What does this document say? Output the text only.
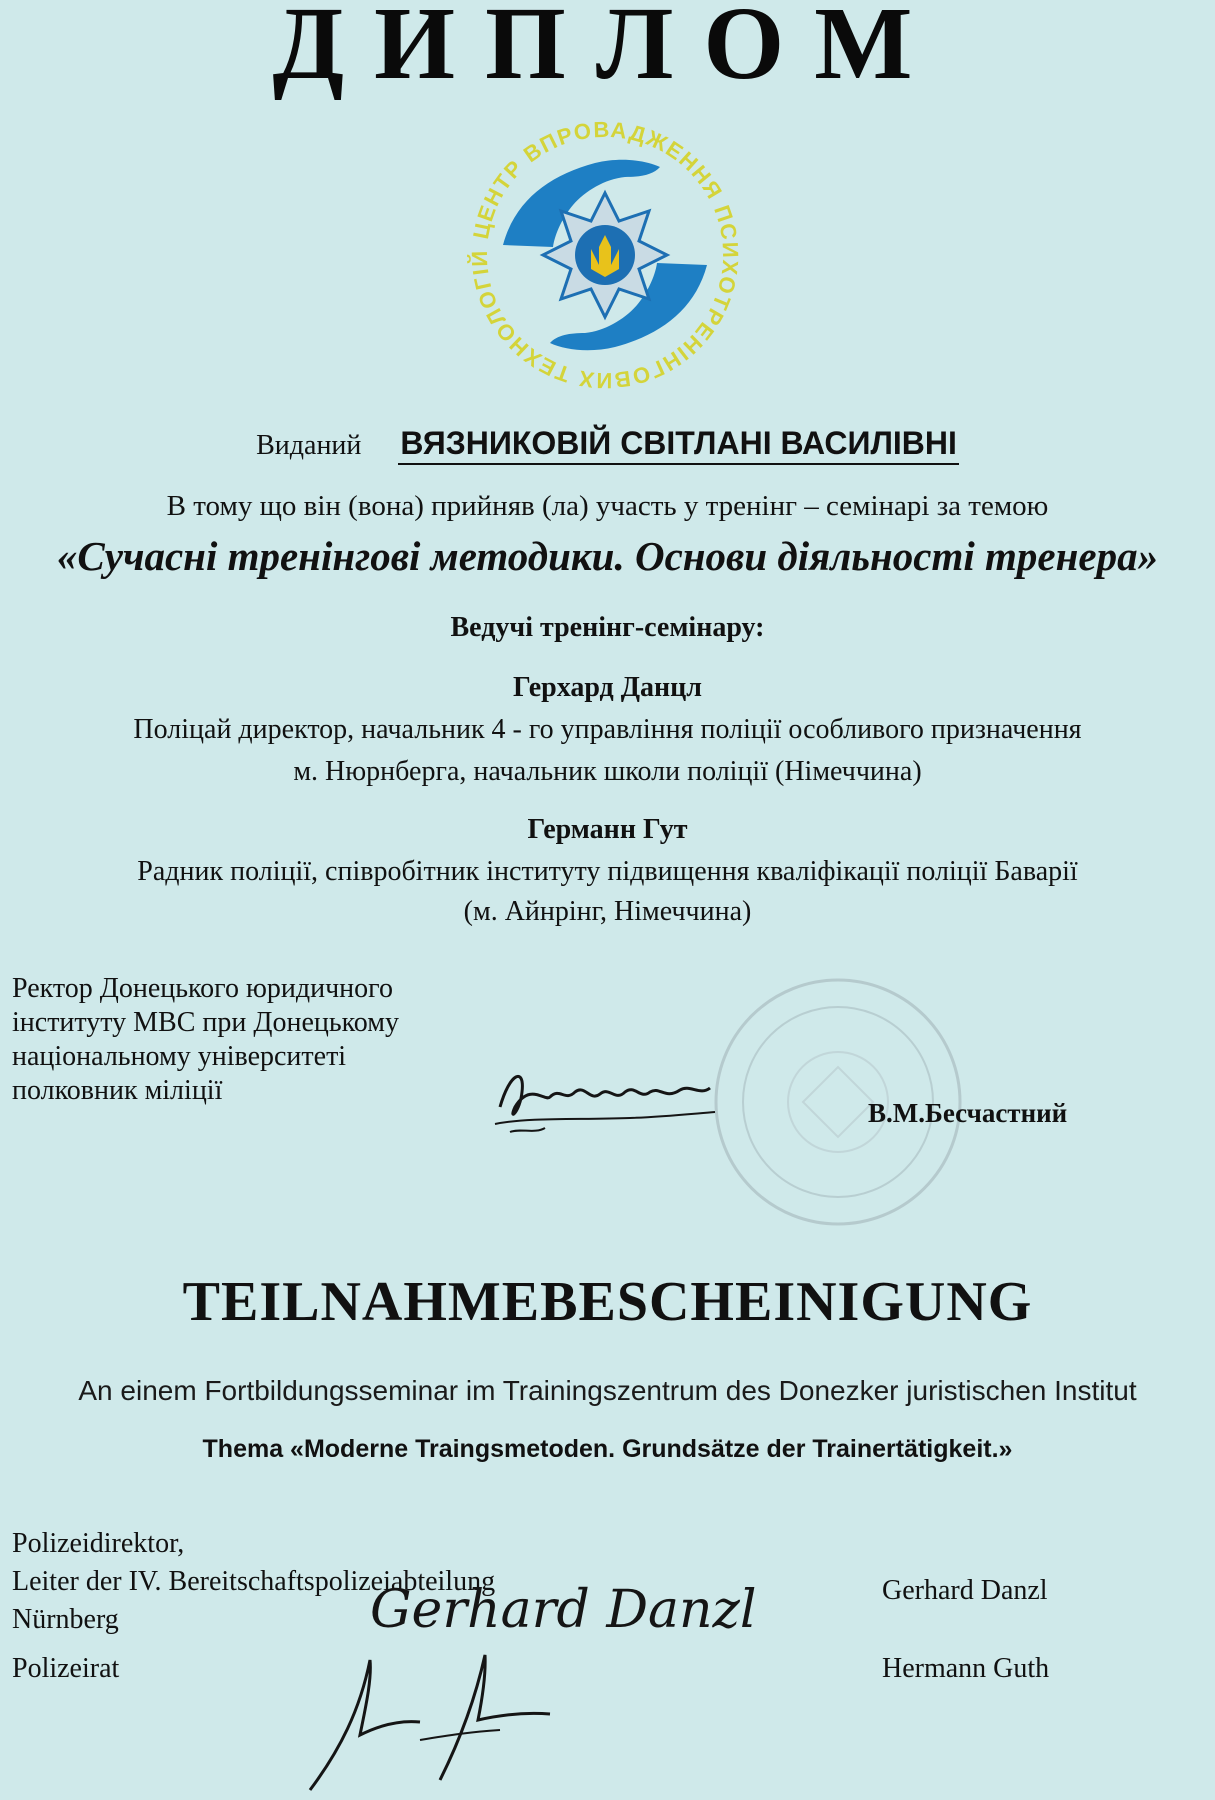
ДИПЛОМ
ЦЕНТР ВПРОВАДЖЕННЯ ПСИХОТРЕНІНГОВИХ ТЕХНОЛОГІЙ
Виданий ВЯЗНИКОВІЙ СВІТЛАНІ ВАСИЛІВНІ
В тому що він (вона) прийняв (ла) участь у тренінг – семінарі за темою
«Сучасні тренінгові методики. Основи діяльності тренера»
Ведучі тренінг-семінару:
Герхард Данцл
Поліцай директор, начальник 4 - го управління поліції особливого призначення
м. Нюрнберга, начальник школи поліції (Німеччина)
Германн Гут
Радник поліції, співробітник інституту підвищення кваліфікації поліції Баварії
(м. Айнрінг, Німеччина)
Ректор Донецького юридичного
інституту МВС при Донецькому
національному університеті
полковник міліції
В.М.Бесчастний
TEILNAHMEBESCHEINIGUNG
An einem Fortbildungsseminar im Trainingszentrum des Donezker juristischen Institut
Thema «Moderne Traingsmetoden. Grundsätze der Trainertätigkeit.»
Polizeidirektor,
Leiter der IV. Bereitschaftspolizeiabteilung
Nürnberg
Polizeirat
Gerhard Danzl	Gerhard Danzl
Hermann Guth
